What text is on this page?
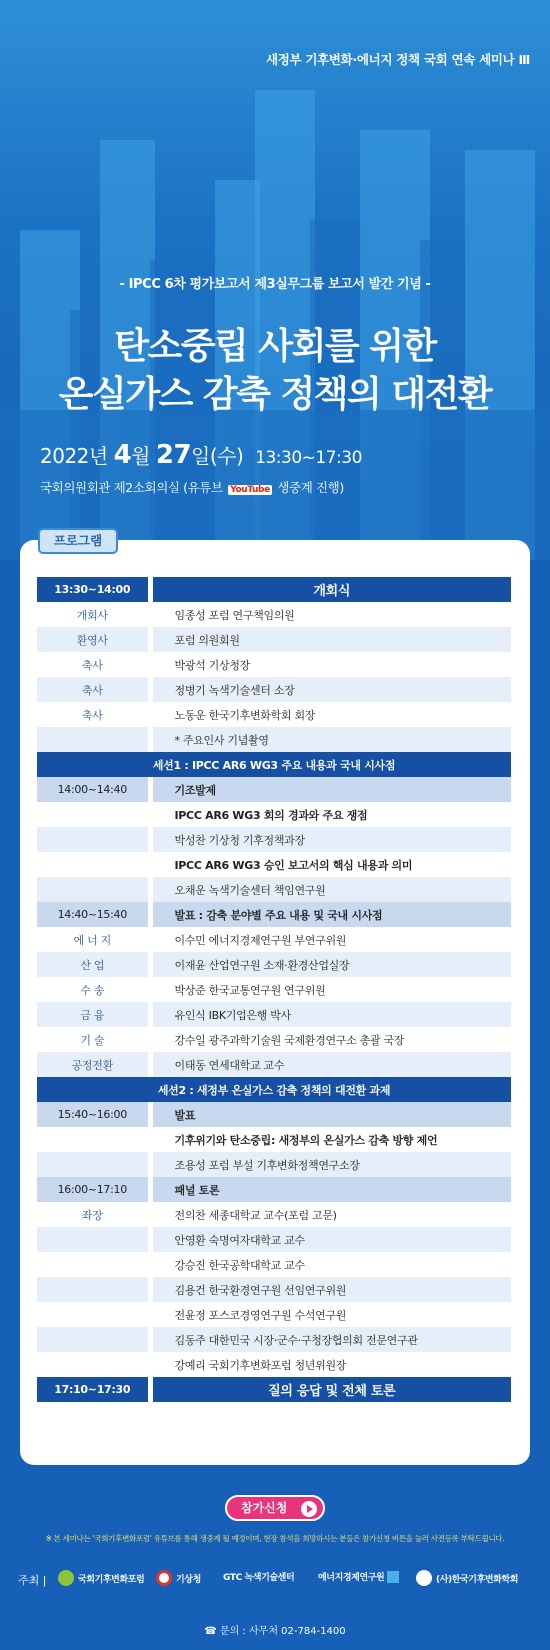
새정부 기후변화·에너지 정책 국회 연속 세미나 Ⅲ
- IPCC 6차 평가보고서 제3실무그룹 보고서 발간 기념 -
탄소중립 사회를 위한
온실가스 감축 정책의 대전환
2022년 4월 27일(수) 13:30~17:30
국회의원회관 제2소회의실 (유튜브 YouTube 생중계 진행)
프로그램
13:30~14:00	개회식
개회사	임종성 포럼 연구책임의원
환영사	포럼 의원회원
축사	박광석 기상청장
축사	정병기 녹색기술센터 소장
축사	노동운 한국기후변화학회 회장
	* 주요인사 기념촬영
세션1 : IPCC AR6 WG3 주요 내용과 국내 시사점	
14:00~14:40	기조발제
	IPCC AR6 WG3 회의 경과와 주요 쟁점
	박성찬 기상청 기후정책과장
	IPCC AR6 WG3 승인 보고서의 핵심 내용과 의미
	오채운 녹색기술센터 책임연구원
14:40~15:40	발표 : 감축 분야별 주요 내용 및 국내 시사점
에 너 지	이수민 에너지경제연구원 부연구위원
산 업	이재윤 산업연구원 소재·환경산업실장
수 송	박상준 한국교통연구원 연구위원
금 융	유인식 IBK기업은행 박사
기 술	강수일 광주과학기술원 국제환경연구소 총괄 국장
공정전환	이태동 연세대학교 교수
세션2 : 새정부 온실가스 감축 정책의 대전환 과제	
15:40~16:00	발표
	기후위기와 탄소중립: 새정부의 온실가스 감축 방향 제언
	조용성 포럼 부설 기후변화정책연구소장
16:00~17:10	패널 토론
좌장	전의찬 세종대학교 교수(포럼 고문)
	안영환 숙명여자대학교 교수
	강승진 한국공학대학교 교수
	김용건 한국환경연구원 선임연구위원
	전윤정 포스코경영연구원 수석연구원
	김동주 대한민국 시장·군수·구청장협의회 전문연구관
	강예리 국회기후변화포럼 청년위원장
17:10~17:30	질의 응답 및 전체 토론
참가신청
※ 본 세미나는 '국회기후변화포럼' 유튜브를 통해 생중계 될 예정이며, 현장 참석을 희망하시는 분들은 참가신청 버튼을 눌러 사전등록 부탁드립니다.
주최 |	국회기후변화포럼	기상청 GTC 녹색기술센터	에너지경제연구원	(사)한국기후변화학회
☎ 문의 : 사무처 02-784-1400
